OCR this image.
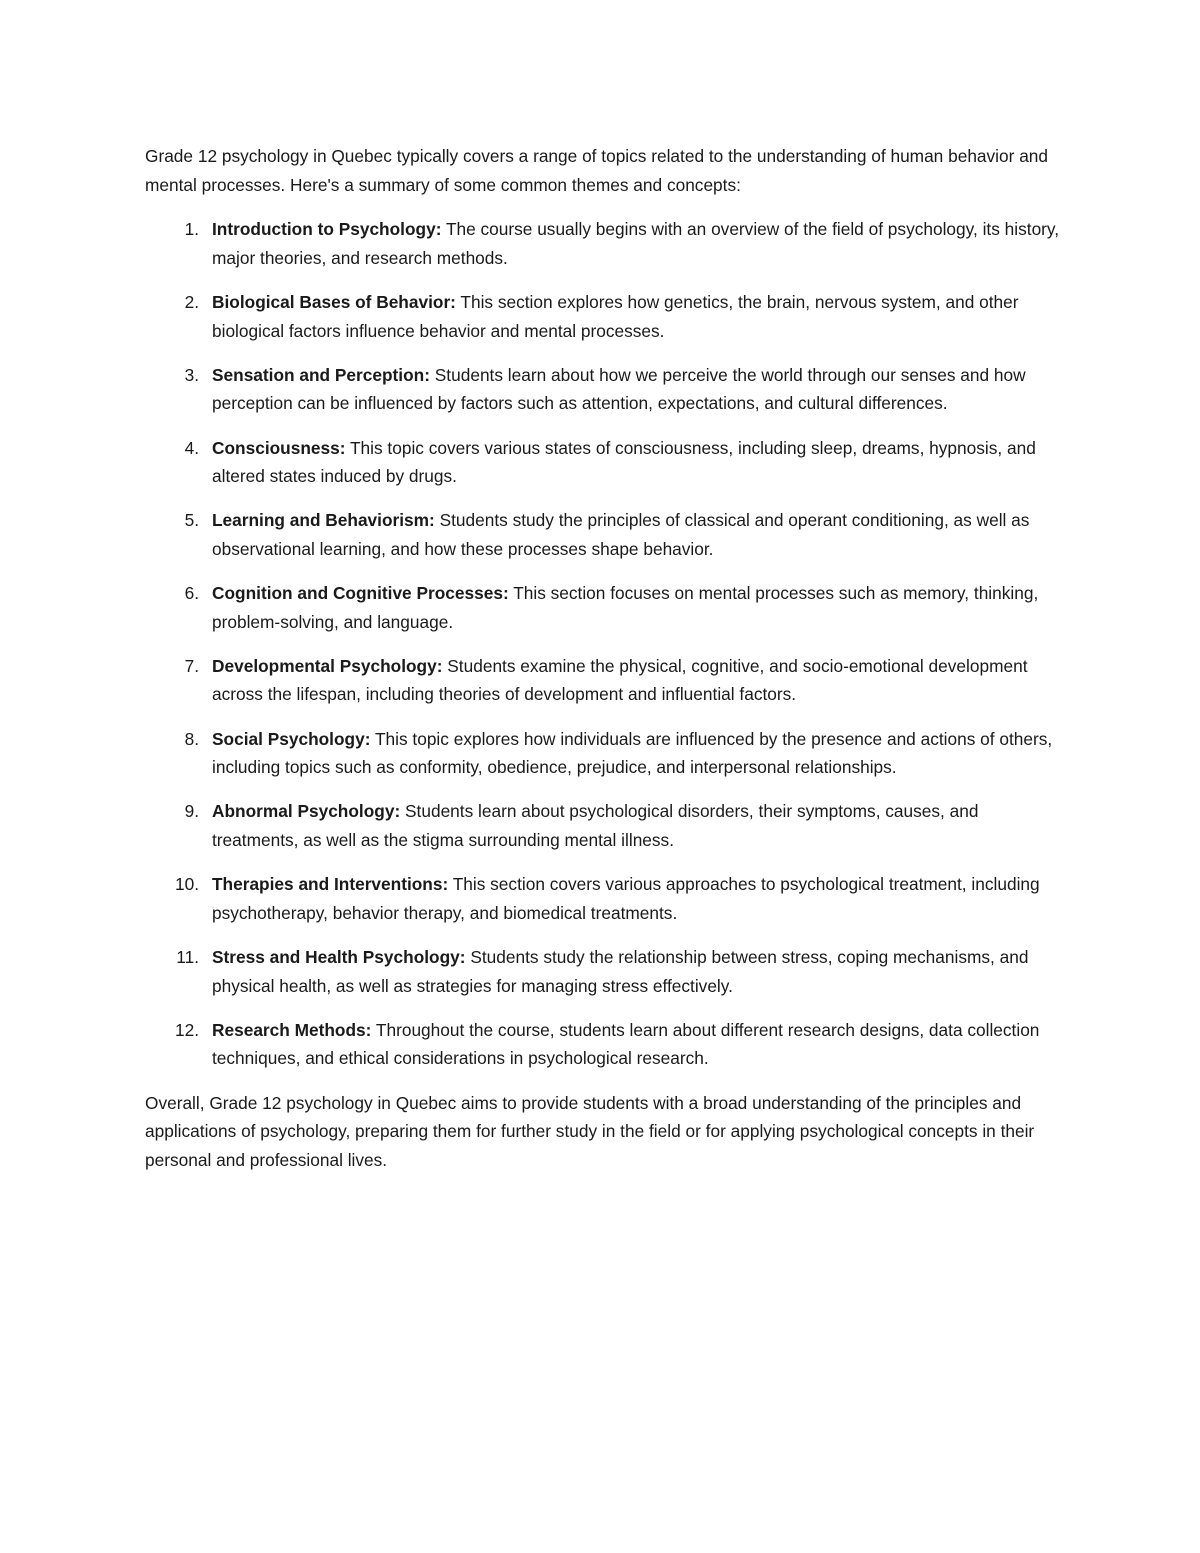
Grade 12 psychology in Quebec typically covers a range of topics related to the understanding of human behavior and mental processes. Here's a summary of some common themes and concepts:

1. Introduction to Psychology: The course usually begins with an overview of the field of psychology, its history, major theories, and research methods.
2. Biological Bases of Behavior: This section explores how genetics, the brain, nervous system, and other biological factors influence behavior and mental processes.
3. Sensation and Perception: Students learn about how we perceive the world through our senses and how perception can be influenced by factors such as attention, expectations, and cultural differences.
4. Consciousness: This topic covers various states of consciousness, including sleep, dreams, hypnosis, and altered states induced by drugs.
5. Learning and Behaviorism: Students study the principles of classical and operant conditioning, as well as observational learning, and how these processes shape behavior.
6. Cognition and Cognitive Processes: This section focuses on mental processes such as memory, thinking, problem-solving, and language.
7. Developmental Psychology: Students examine the physical, cognitive, and socio-emotional development across the lifespan, including theories of development and influential factors.
8. Social Psychology: This topic explores how individuals are influenced by the presence and actions of others, including topics such as conformity, obedience, prejudice, and interpersonal relationships.
9. Abnormal Psychology: Students learn about psychological disorders, their symptoms, causes, and treatments, as well as the stigma surrounding mental illness.
10. Therapies and Interventions: This section covers various approaches to psychological treatment, including psychotherapy, behavior therapy, and biomedical treatments.
11. Stress and Health Psychology: Students study the relationship between stress, coping mechanisms, and physical health, as well as strategies for managing stress effectively.
12. Research Methods: Throughout the course, students learn about different research designs, data collection techniques, and ethical considerations in psychological research.

Overall, Grade 12 psychology in Quebec aims to provide students with a broad understanding of the principles and applications of psychology, preparing them for further study in the field or for applying psychological concepts in their personal and professional lives.
